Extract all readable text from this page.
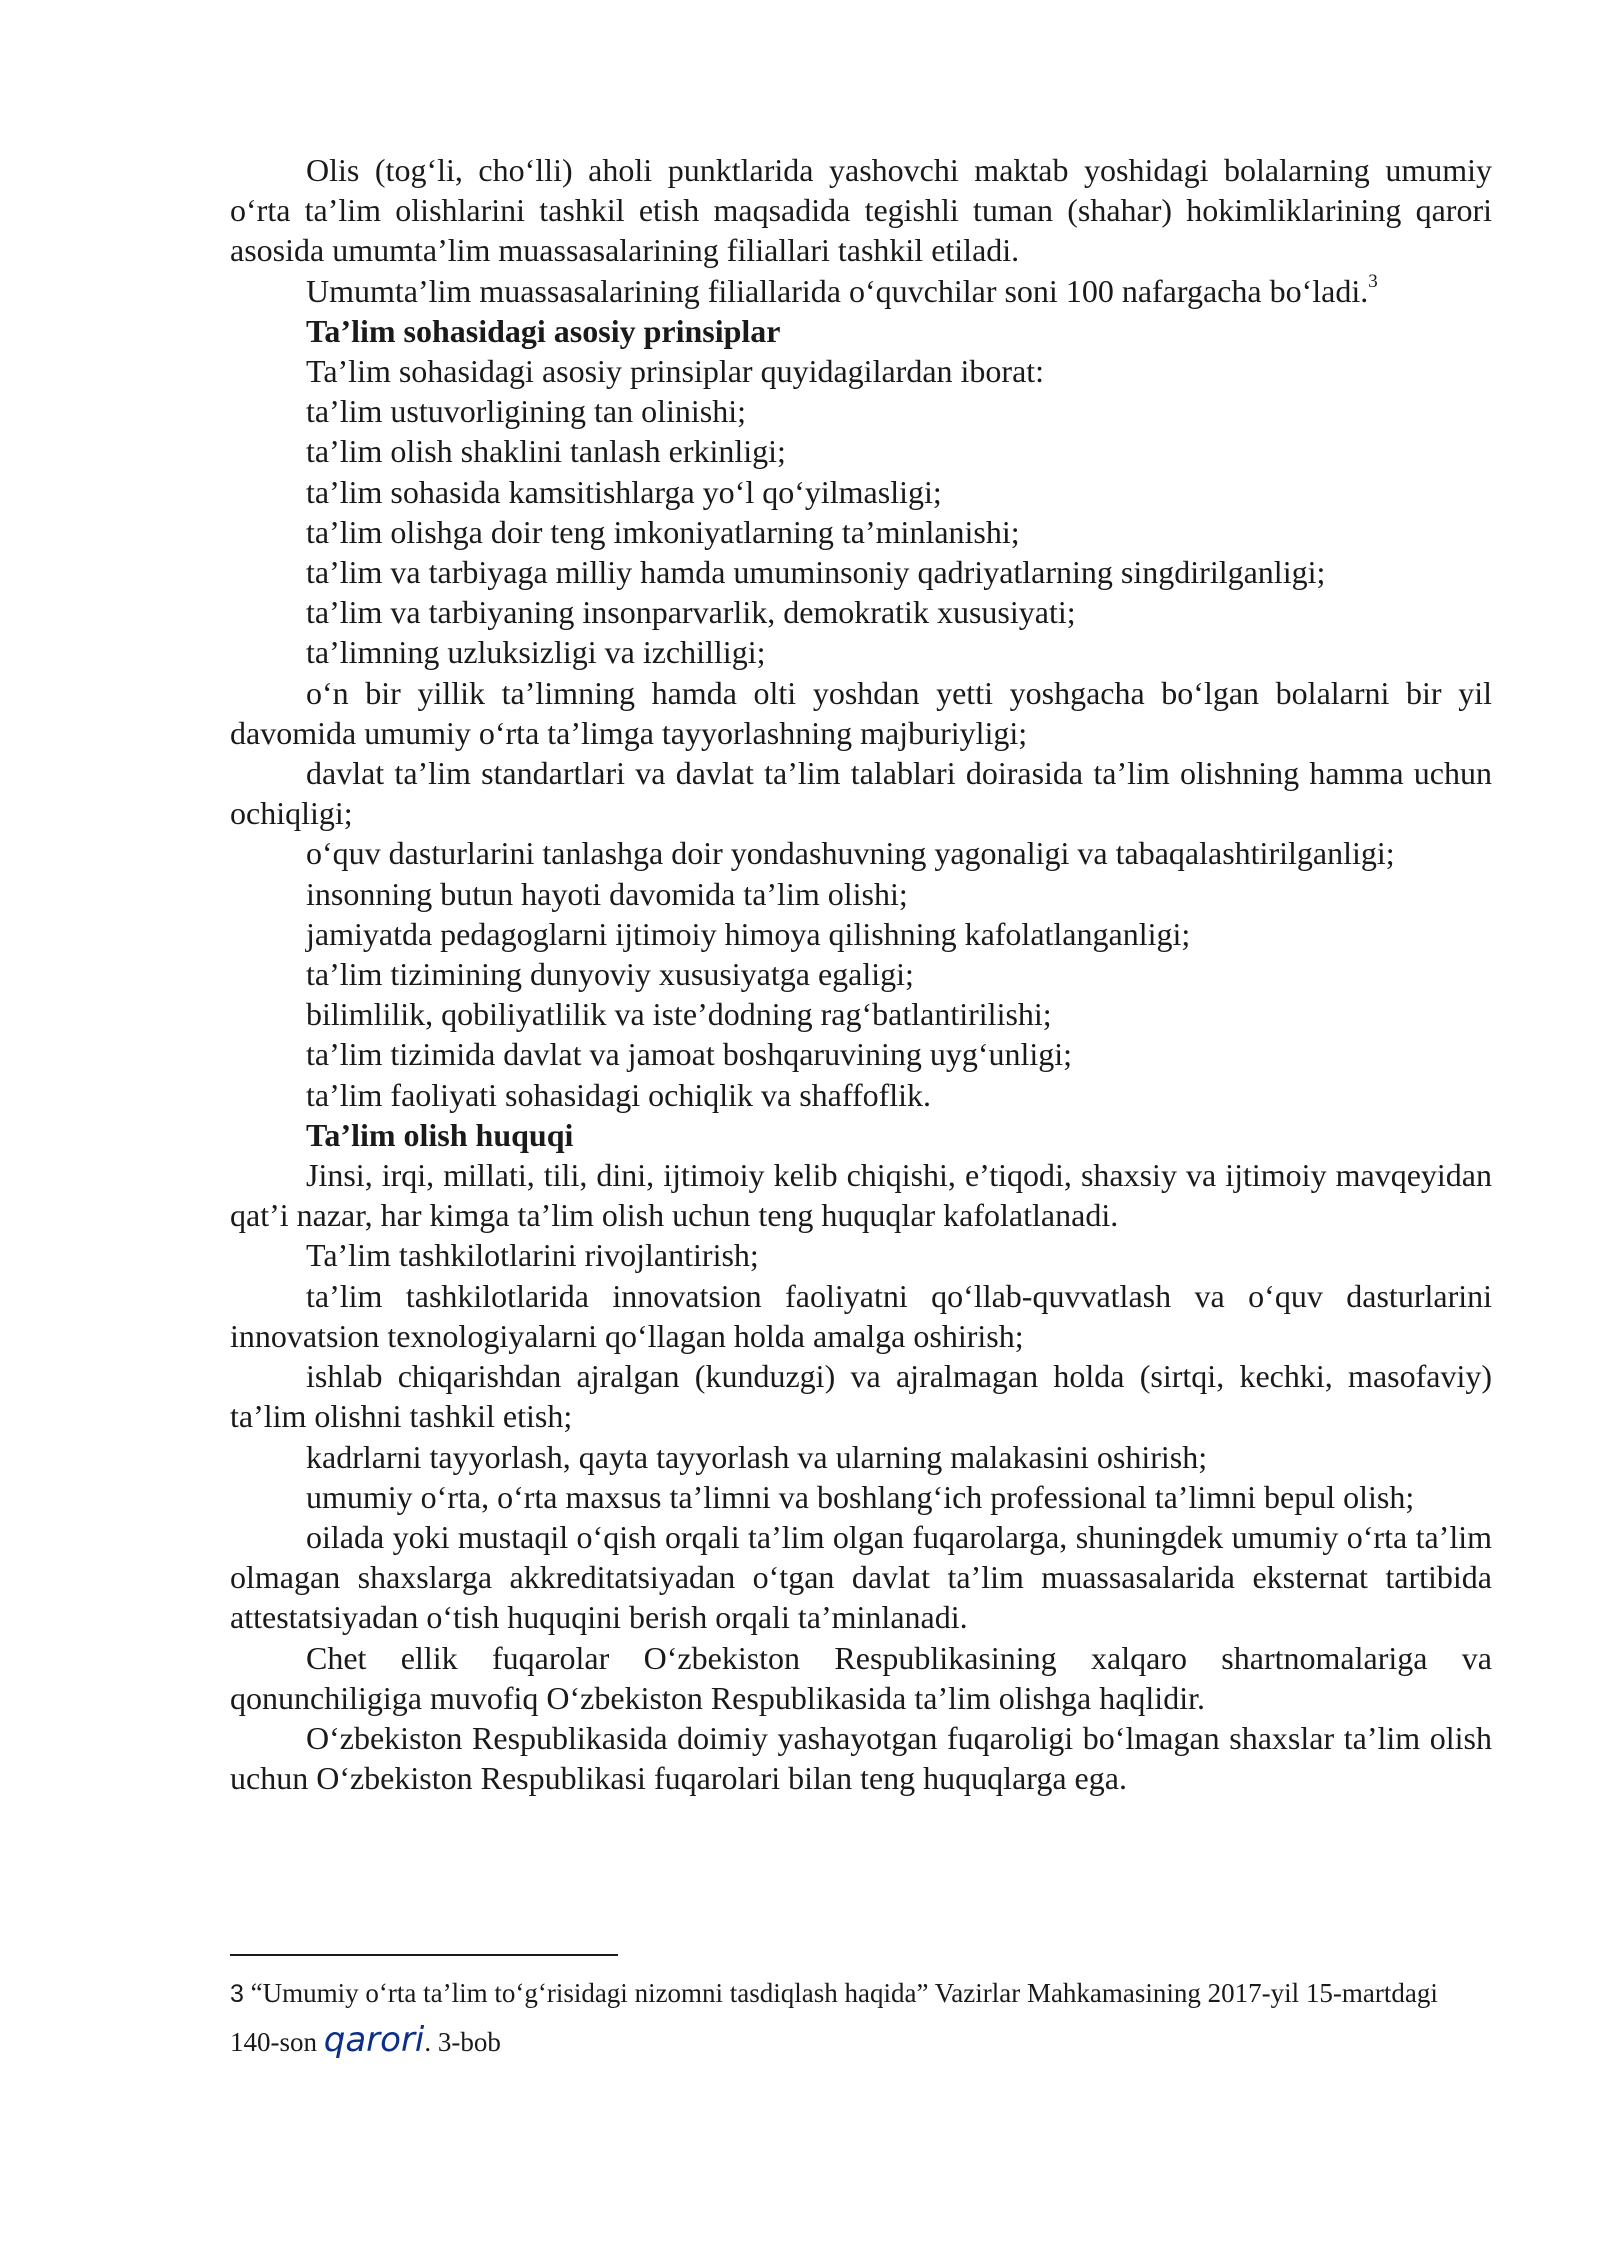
Olis (tog‘li, cho‘lli) aholi punktlarida yashovchi maktab yoshidagi bolalarning umumiy o‘rta ta’lim olishlarini tashkil etish maqsadida tegishli tuman (shahar) hokimliklarining qarori asosida umumta’lim muassasalarining filiallari tashkil etiladi.

Umumta’lim muassasalarining filiallarida o‘quvchilar soni 100 nafargacha bo‘ladi.$^3$

Ta’lim sohasidagi asosiy prinsiplar

Ta’lim sohasidagi asosiy prinsiplar quyidagilardan iborat:

ta’lim ustuvorligining tan olinishi;

ta’lim olish shaklini tanlash erkinligi;

ta’lim sohasida kamsitishlarga yo‘l qo‘yilmasligi;

ta’lim olishga doir teng imkoniyatlarning ta’minlanishi;

ta’lim va tarbiyaga milliy hamda umuminsoniy qadriyatlarning singdirilganligi;

ta’lim va tarbiyaning insonparvarlik, demokratik xususiyati;

ta’limning uzluksizligi va izchilligi;

o‘n bir yillik ta’limning hamda olti yoshdan yetti yoshgacha bo‘lgan bolalarni bir yil davomida umumiy o‘rta ta’limga tayyorlashning majburiyligi;

davlat ta’lim standartlari va davlat ta’lim talablari doirasida ta’lim olishning hamma uchun ochiqligi;

o‘quv dasturlarini tanlashga doir yondashuvning yagonaligi va tabaqalashtirilganligi;

insonning butun hayoti davomida ta’lim olishi;

jamiyatda pedagoglarni ijtimoiy himoya qilishning kafolatlanganligi;

ta’lim tizimining dunyoviy xususiyatga egaligi;

bilimlilik, qobiliyatlilik va iste’dodning rag‘batlantirilishi;

ta’lim tizimida davlat va jamoat boshqaruvining uyg‘unligi;

ta’lim faoliyati sohasidagi ochiqlik va shaffoflik.

Ta’lim olish huquqi

Jinsi, irqi, millati, tili, dini, ijtimoiy kelib chiqishi, e’tiqodi, shaxsiy va ijtimoiy mavqeyidan qat’i nazar, har kimga ta’lim olish uchun teng huquqlar kafolatlanadi.

Ta’lim tashkilotlarini rivojlantirish;

ta’lim tashkilotlarida innovatsion faoliyatni qo‘llab-quvvatlash va o‘quv dasturlarini innovatsion texnologiyalarni qo‘llagan holda amalga oshirish;

ishlab chiqarishdan ajralgan (kunduzgi) va ajralmagan holda (sirtqi, kechki, masofaviy) ta’lim olishni tashkil etish;

kadrlarni tayyorlash, qayta tayyorlash va ularning malakasini oshirish;

umumiy o‘rta, o‘rta maxsus ta’limni va boshlang‘ich professional ta’limni bepul olish;

oilada yoki mustaqil o‘qish orqali ta’lim olgan fuqarolarga, shuningdek umumiy o‘rta ta’lim olmagan shaxslarga akkreditatsiyadan o‘tgan davlat ta’lim muassasalarida eksternat tartibida attestatsiyadan o‘tish huquqini berish orqali ta’minlanadi.

Chet ellik fuqarolar O‘zbekiston Respublikasining xalqaro shartnomalariga va qonunchiligiga muvofiq O‘zbekiston Respublikasida ta’lim olishga haqlidir.

O‘zbekiston Respublikasida doimiy yashayotgan fuqaroligi bo‘lmagan shaxslar ta’lim olish uchun O‘zbekiston Respublikasi fuqarolari bilan teng huquqlarga ega.

3 “Umumiy o‘rta ta’lim to‘g‘risidagi nizomni tasdiqlash haqida” Vazirlar Mahkamasining 2017-yil 15-martdagi 140-son qarori. 3-bob
